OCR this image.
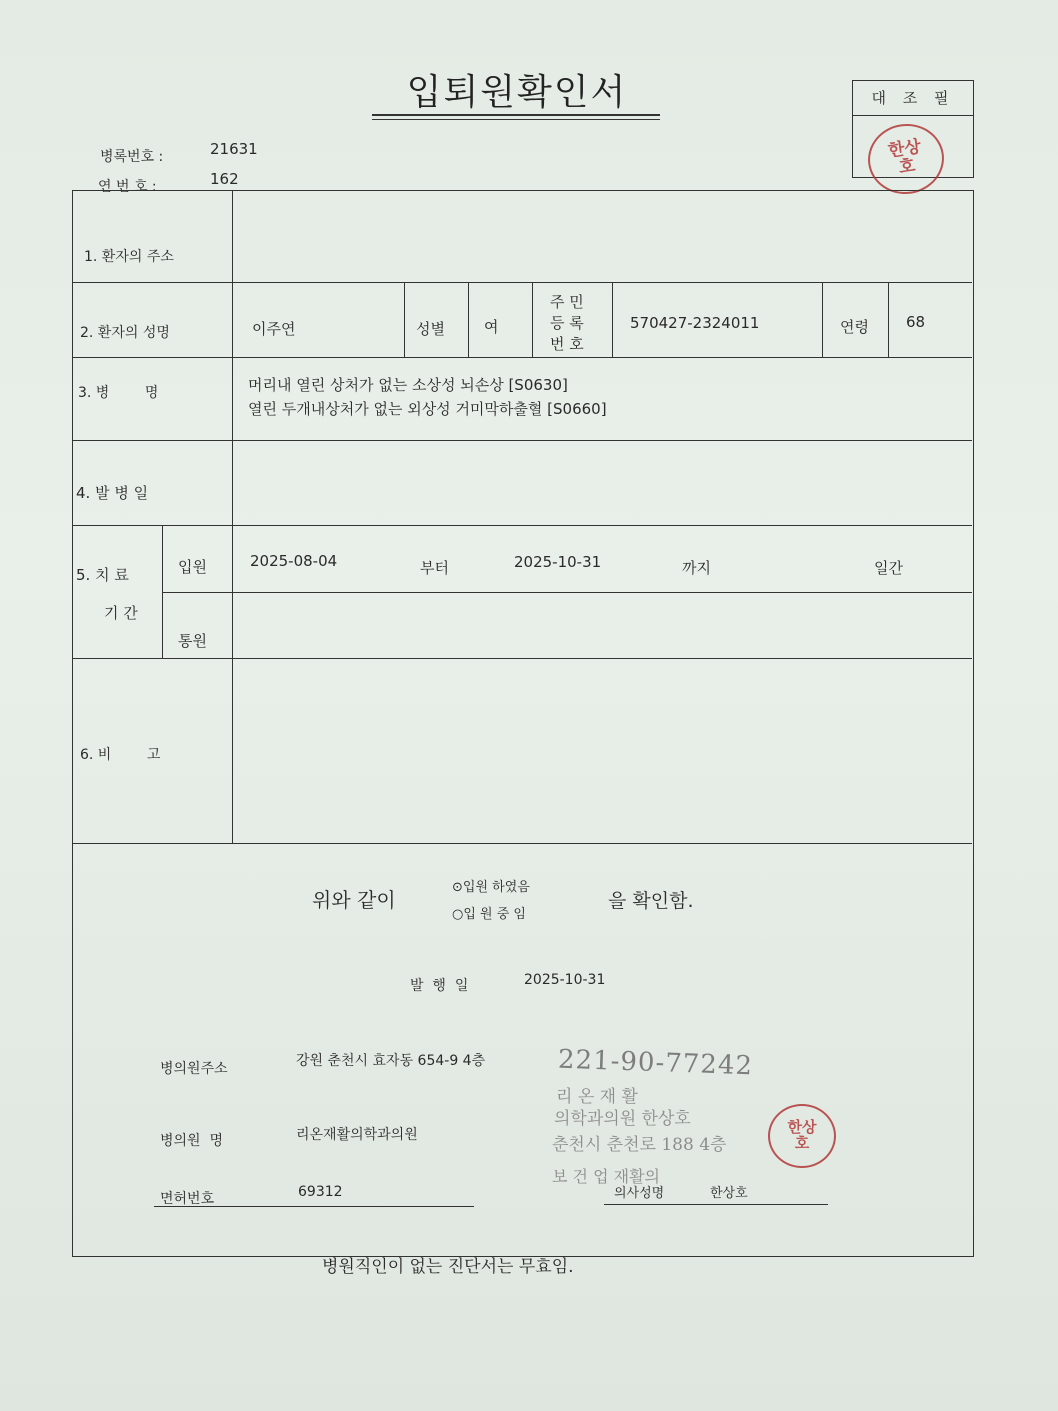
입퇴원확인서	대 조 필
한상호
병록번호 :	21631
연 번 호 :	162
1. 환자의 주소
2. 환자의 성명	이주연	성별	여
주 민
등 록
번 호
570427-2324011	연령 68
3. 병        명	머리내 열린 상처가 없는 소상성 뇌손상 [S0630]
열린 두개내상처가 없는 외상성 거미막하출혈 [S0660]
4. 발 병 일
5. 치 료
기 간
입원	2025-08-04	부터	2025-10-31	까지	일간
통원
6. 비        고
위와 같이
⊙입원 하였음
○입 원 중 임
을 확인함.
발  행  일	2025-10-31
병의원주소	강원 춘천시 효자동 654-9 4층
병의원  명	리온재활의학과의원
면허번호	69312
221-90-77242
리 온 재 활
의학과의원 한상호
춘천시 춘천로 188 4층
보 건 업 재활의
의사성명	한상호
한상호
병원직인이 없는 진단서는 무효임.
